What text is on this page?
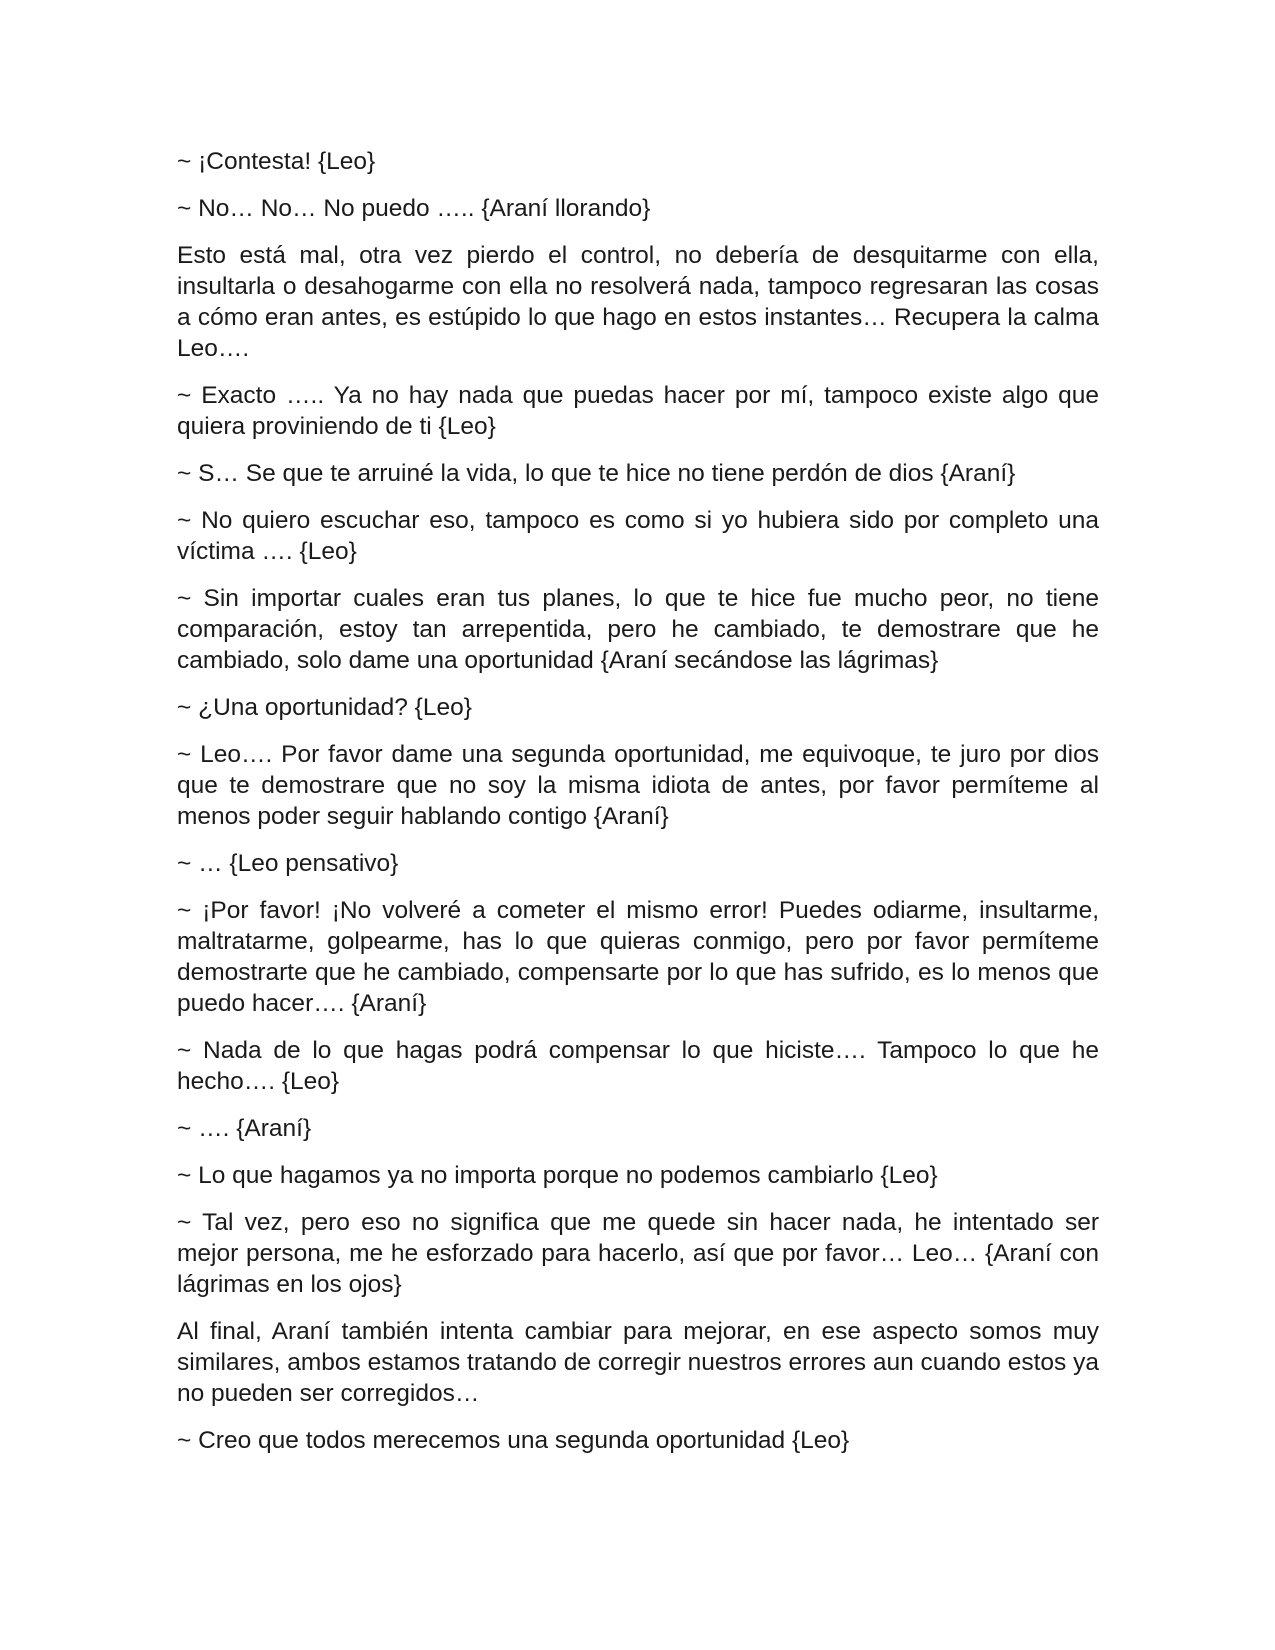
~ ¡Contesta! {Leo}

~ No… No… No puedo ….. {Araní llorando}

Esto está mal, otra vez pierdo el control, no debería de desquitarme con ella, insultarla o desahogarme con ella no resolverá nada, tampoco regresaran las cosas a cómo eran antes, es estúpido lo que hago en estos instantes… Recupera la calma Leo….

~ Exacto ….. Ya no hay nada que puedas hacer por mí, tampoco existe algo que quiera proviniendo de ti {Leo}

~ S… Se que te arruiné la vida, lo que te hice no tiene perdón de dios {Araní}

~ No quiero escuchar eso, tampoco es como si yo hubiera sido por completo una víctima …. {Leo}

~ Sin importar cuales eran tus planes, lo que te hice fue mucho peor, no tiene comparación, estoy tan arrepentida, pero he cambiado, te demostrare que he cambiado, solo dame una oportunidad {Araní secándose las lágrimas}

~ ¿Una oportunidad? {Leo}

~ Leo…. Por favor dame una segunda oportunidad, me equivoque, te juro por dios que te demostrare que no soy la misma idiota de antes, por favor permíteme al menos poder seguir hablando contigo {Araní}

~ … {Leo pensativo}

~ ¡Por favor! ¡No volveré a cometer el mismo error! Puedes odiarme, insultarme, maltratarme, golpearme, has lo que quieras conmigo, pero por favor permíteme demostrarte que he cambiado, compensarte por lo que has sufrido, es lo menos que puedo hacer…. {Araní}

~ Nada de lo que hagas podrá compensar lo que hiciste…. Tampoco lo que he hecho…. {Leo}

~ …. {Araní}

~ Lo que hagamos ya no importa porque no podemos cambiarlo {Leo}

~ Tal vez, pero eso no significa que me quede sin hacer nada, he intentado ser mejor persona, me he esforzado para hacerlo, así que por favor… Leo… {Araní con lágrimas en los ojos}

Al final, Araní también intenta cambiar para mejorar, en ese aspecto somos muy similares, ambos estamos tratando de corregir nuestros errores aun cuando estos ya no pueden ser corregidos…

~ Creo que todos merecemos una segunda oportunidad {Leo}
